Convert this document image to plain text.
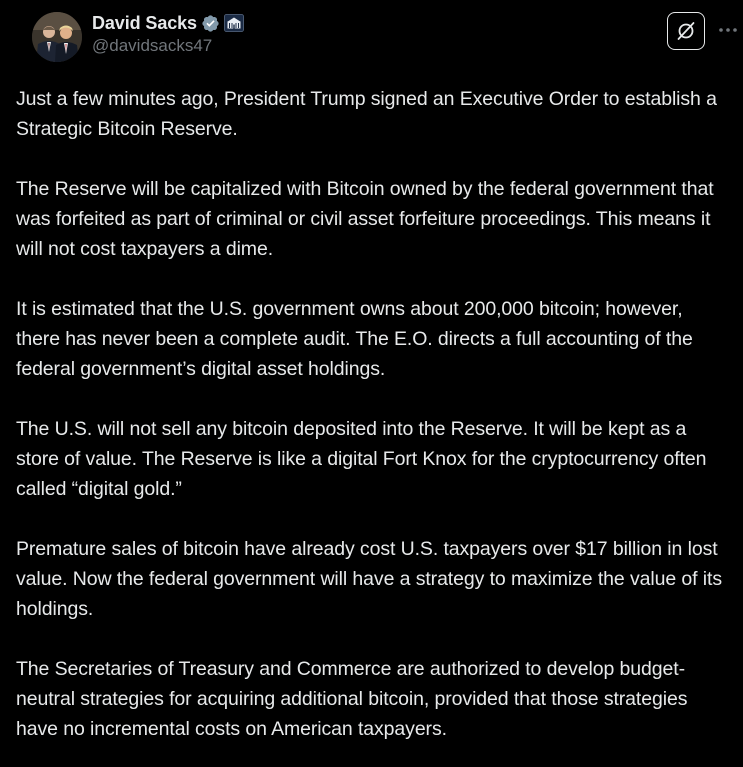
David Sacks
@davidsacks47

Just a few minutes ago, President Trump signed an Executive Order to establish a Strategic Bitcoin Reserve.

The Reserve will be capitalized with Bitcoin owned by the federal government that was forfeited as part of criminal or civil asset forfeiture proceedings. This means it will not cost taxpayers a dime.

It is estimated that the U.S. government owns about 200,000 bitcoin; however, there has never been a complete audit. The E.O. directs a full accounting of the federal government’s digital asset holdings.

The U.S. will not sell any bitcoin deposited into the Reserve. It will be kept as a store of value. The Reserve is like a digital Fort Knox for the cryptocurrency often called “digital gold.”

Premature sales of bitcoin have already cost U.S. taxpayers over $17 billion in lost value. Now the federal government will have a strategy to maximize the value of its holdings.

The Secretaries of Treasury and Commerce are authorized to develop budget-neutral strategies for acquiring additional bitcoin, provided that those strategies have no incremental costs on American taxpayers.
